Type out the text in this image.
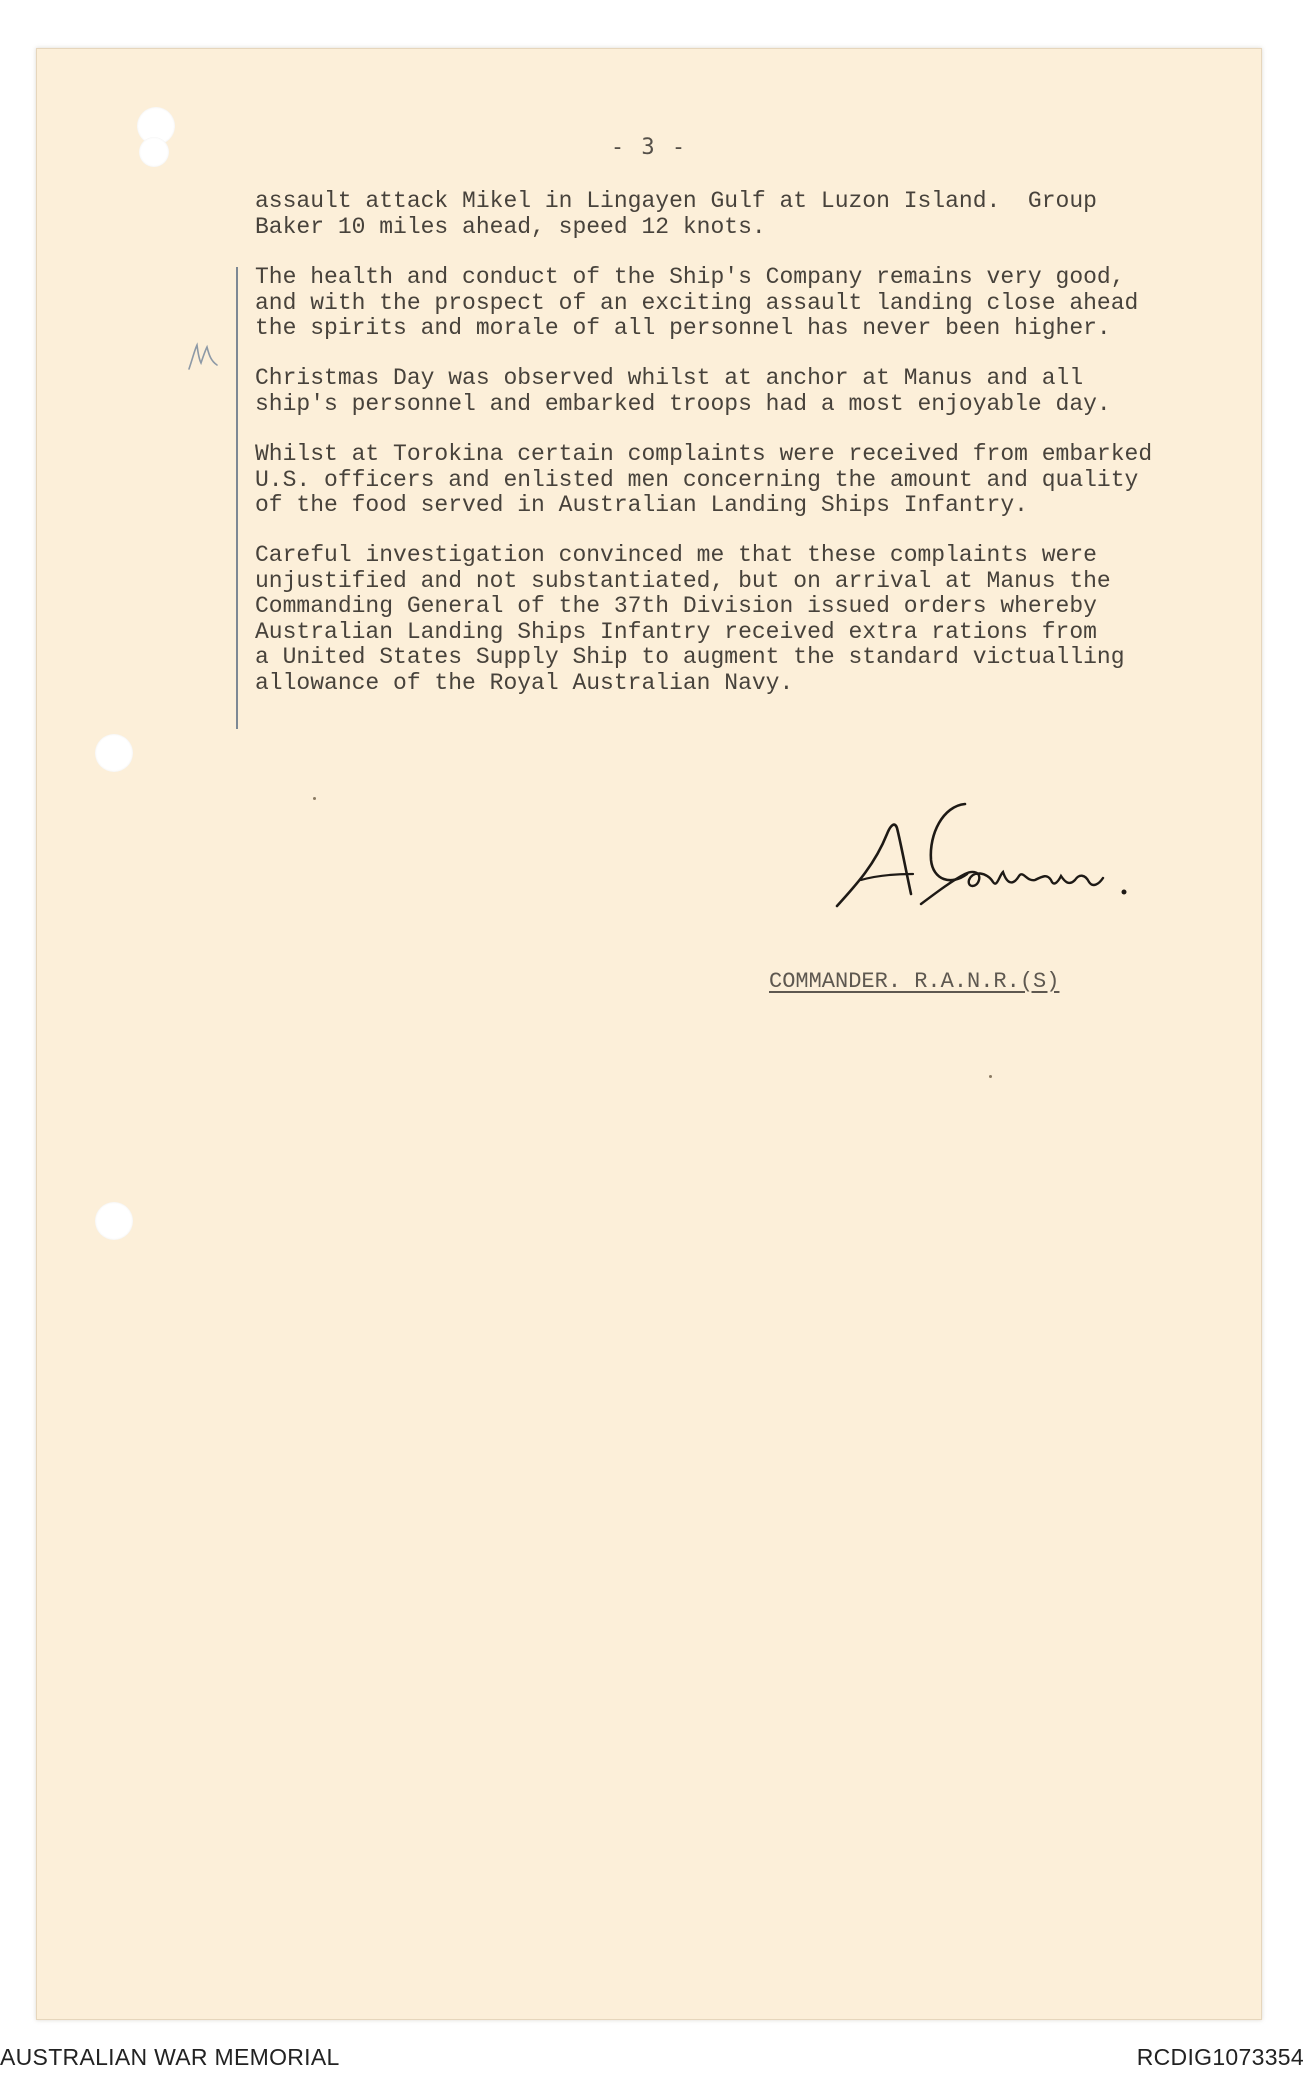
- 3 -

assault attack Mikel in Lingayen Gulf at Luzon Island.  Group

Baker 10 miles ahead, speed 12 knots.

The health and conduct of the Ship's Company remains very good,

and with the prospect of an exciting assault landing close ahead

the spirits and morale of all personnel has never been higher.

Christmas Day was observed whilst at anchor at Manus and all

ship's personnel and embarked troops had a most enjoyable day.

Whilst at Torokina certain complaints were received from embarked

U.S. officers and enlisted men concerning the amount and quality

of the food served in Australian Landing Ships Infantry.

Careful investigation convinced me that these complaints were

unjustified and not substantiated, but on arrival at Manus the

Commanding General of the 37th Division issued orders whereby

Australian Landing Ships Infantry received extra rations from

a United States Supply Ship to augment the standard victualling

allowance of the Royal Australian Navy.

COMMANDER. R.A.N.R.(S)
AUSTRALIAN WAR MEMORIAL	RCDIG1073354
